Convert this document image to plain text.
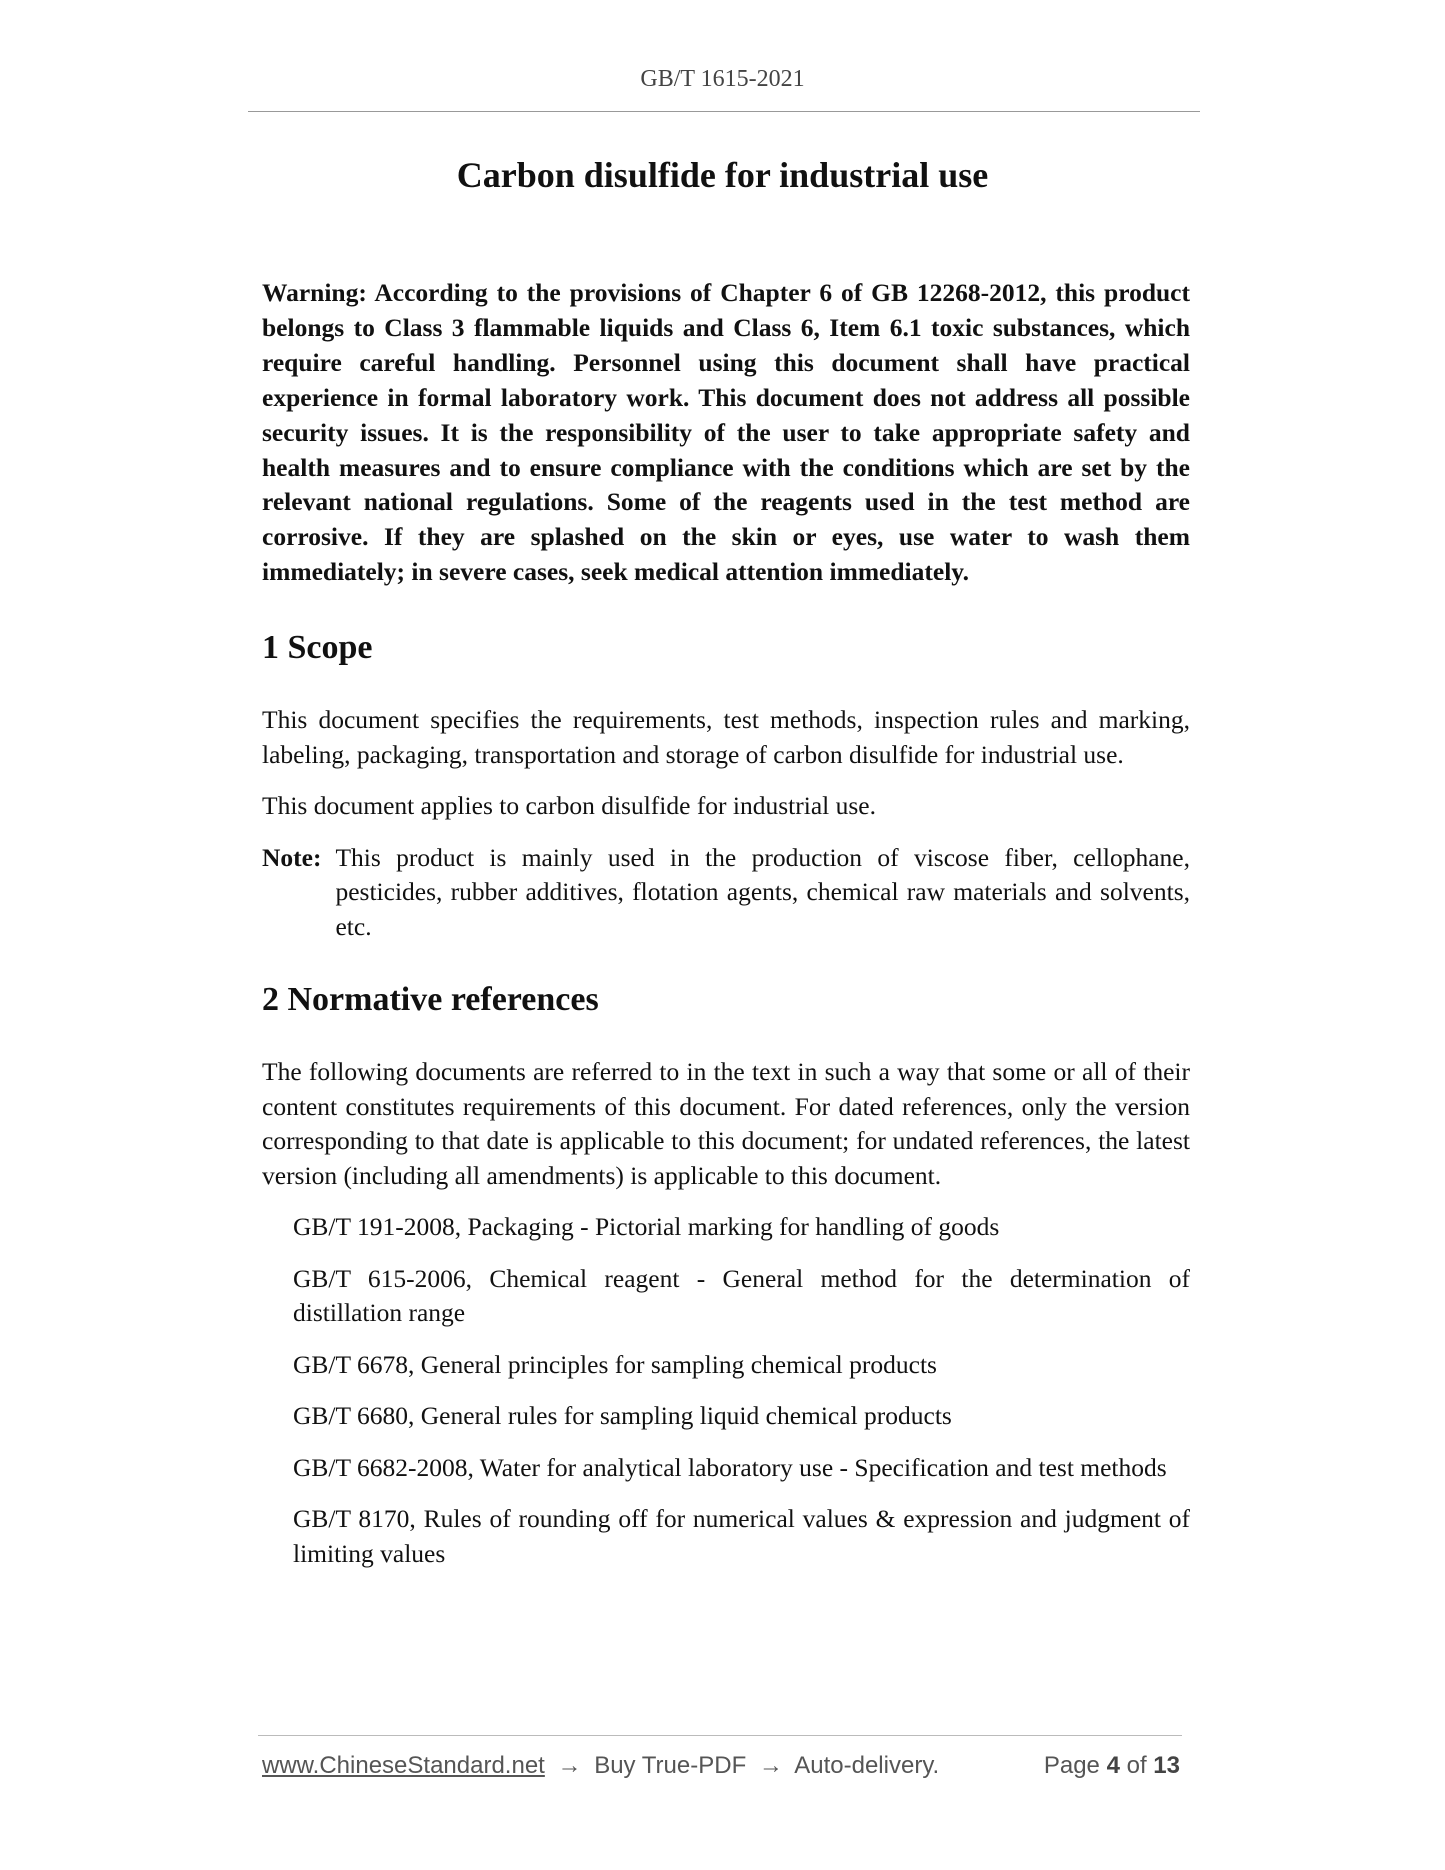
GB/T 1615-2021
Carbon disulfide for industrial use

Warning: According to the provisions of Chapter 6 of GB 12268-2012, this product belongs to Class 3 flammable liquids and Class 6, Item 6.1 toxic substances, which require careful handling. Personnel using this document shall have practical experience in formal laboratory work. This document does not address all possible security issues. It is the responsibility of the user to take appropriate safety and health measures and to ensure compliance with the conditions which are set by the relevant national regulations. Some of the reagents used in the test method are corrosive. If they are splashed on the skin or eyes, use water to wash them immediately; in severe cases, seek medical attention immediately.

1 Scope

This document specifies the requirements, test methods, inspection rules and marking, labeling, packaging, transportation and storage of carbon disulfide for industrial use.

This document applies to carbon disulfide for industrial use.

Note: This product is mainly used in the production of viscose fiber, cellophane, pesticides, rubber additives, flotation agents, chemical raw materials and solvents, etc.
2 Normative references

The following documents are referred to in the text in such a way that some or all of their content constitutes requirements of this document. For dated references, only the version corresponding to that date is applicable to this document; for undated references, the latest version (including all amendments) is applicable to this document.

GB/T 191-2008, Packaging - Pictorial marking for handling of goods

GB/T 615-2006, Chemical reagent - General method for the determination of distillation range

GB/T 6678, General principles for sampling chemical products

GB/T 6680, General rules for sampling liquid chemical products

GB/T 6682-2008, Water for analytical laboratory use - Specification and test methods

GB/T 8170, Rules of rounding off for numerical values & expression and judgment of limiting values

www.ChineseStandard.net → Buy True-PDF → Auto-delivery.	Page 4 of 13
